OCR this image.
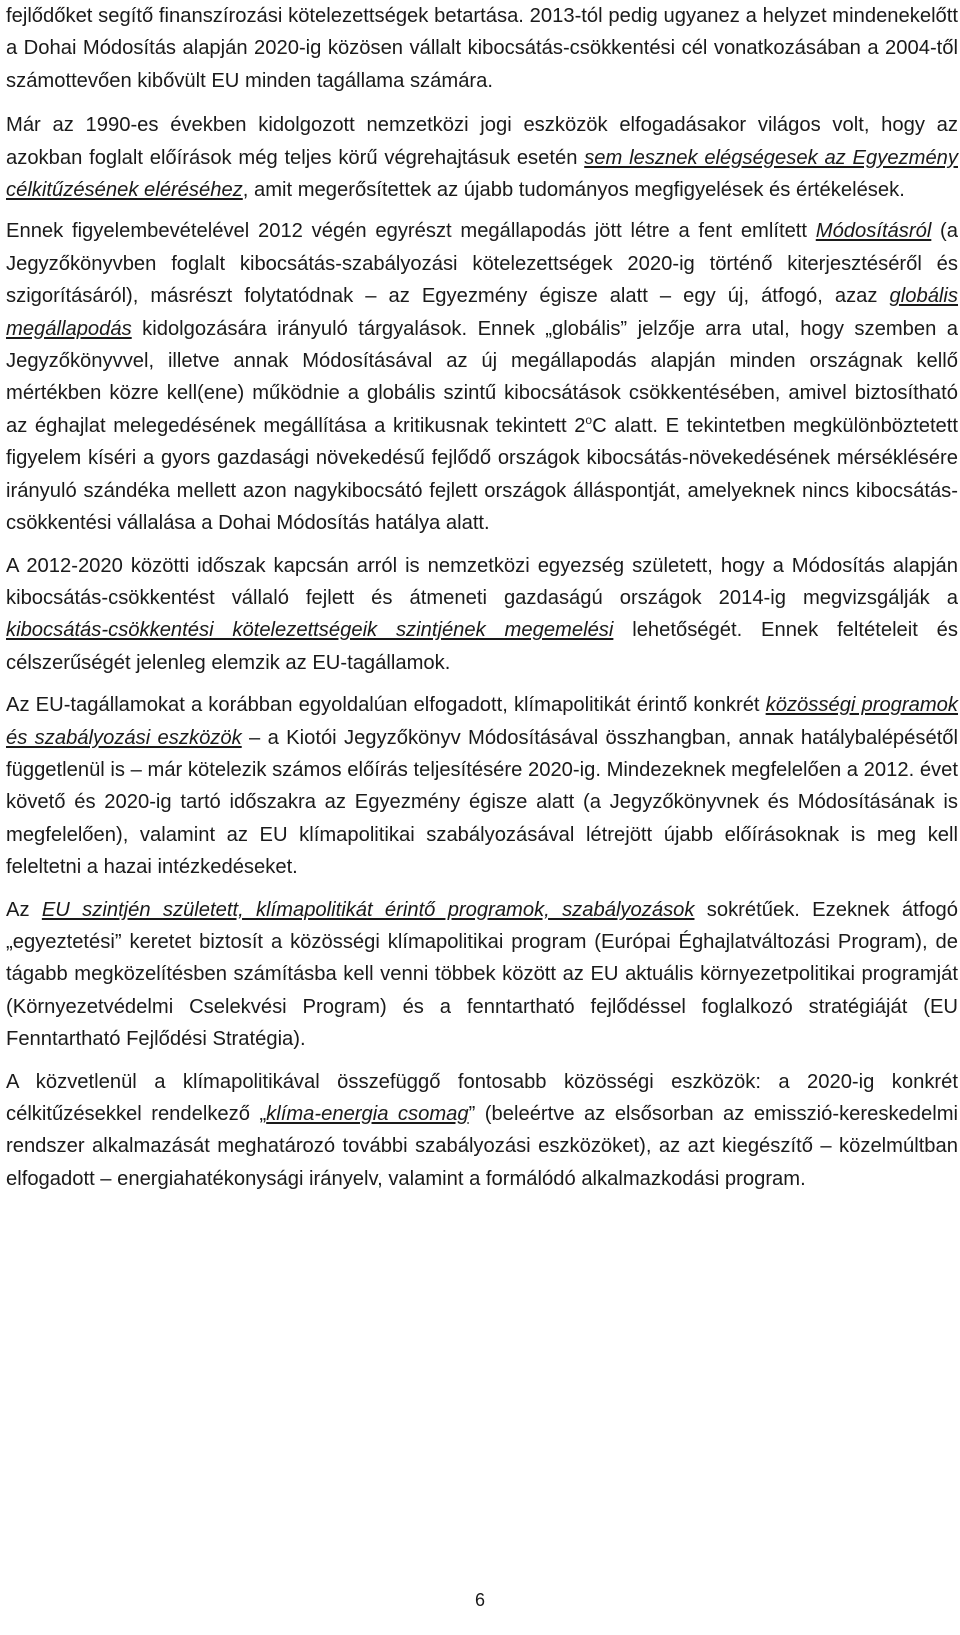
fejlődőket segítő finanszírozási kötelezettségek betartása. 2013-tól pedig ugyanez a helyzet mindenekelőtt a Dohai Módosítás alapján 2020-ig közösen vállalt kibocsátás-csökkentési cél vonatkozásában a 2004-től számottevően kibővült EU minden tagállama számára.

Már az 1990-es években kidolgozott nemzetközi jogi eszközök elfogadásakor világos volt, hogy az azokban foglalt előírások még teljes körű végrehajtásuk esetén sem lesznek elégségesek az Egyezmény célkitűzésének eléréséhez, amit megerősítettek az újabb tudományos megfigyelések és értékelések.

Ennek figyelembevételével 2012 végén egyrészt megállapodás jött létre a fent említett Módosításról (a Jegyzőkönyvben foglalt kibocsátás-szabályozási kötelezettségek 2020-ig történő kiterjesztéséről és szigorításáról), másrészt folytatódnak – az Egyezmény égisze alatt – egy új, átfogó, azaz globális megállapodás kidolgozására irányuló tárgyalások. Ennek „globális” jelzője arra utal, hogy szemben a Jegyzőkönyvvel, illetve annak Módosításával az új megállapodás alapján minden országnak kellő mértékben közre kell(ene) működnie a globális szintű kibocsátások csökkentésében, amivel biztosítható az éghajlat melegedésének megállítása a kritikusnak tekintett 2$^o$C alatt. E tekintetben megkülönböztetett figyelem kíséri a gyors gazdasági növekedésű fejlődő országok kibocsátás-növekedésének mérséklésére irányuló szándéka mellett azon nagykibocsátó fejlett országok álláspontját, amelyeknek nincs kibocsátás-csökkentési vállalása a Dohai Módosítás hatálya alatt.

A 2012-2020 közötti időszak kapcsán arról is nemzetközi egyezség született, hogy a Módosítás alapján kibocsátás-csökkentést vállaló fejlett és átmeneti gazdaságú országok 2014-ig megvizsgálják a kibocsátás-csökkentési kötelezettségeik szintjének megemelési lehetőségét. Ennek feltételeit és célszerűségét jelenleg elemzik az EU-tagállamok.

Az EU-tagállamokat a korábban egyoldalúan elfogadott, klímapolitikát érintő konkrét közösségi programok és szabályozási eszközök – a Kiotói Jegyzőkönyv Módosításával összhangban, annak hatálybalépésétől függetlenül is – már kötelezik számos előírás teljesítésére 2020-ig. Mindezeknek megfelelően a 2012. évet követő és 2020-ig tartó időszakra az Egyezmény égisze alatt (a Jegyzőkönyvnek és Módosításának is megfelelően), valamint az EU klímapolitikai szabályozásával létrejött újabb előírásoknak is meg kell feleltetni a hazai intézkedéseket.

Az EU szintjén született, klímapolitikát érintő programok, szabályozások sokrétűek. Ezeknek átfogó „egyeztetési” keretet biztosít a közösségi klímapolitikai program (Európai Éghajlatváltozási Program), de tágabb megközelítésben számításba kell venni többek között az EU aktuális környezetpolitikai programját (Környezetvédelmi Cselekvési Program) és a fenntartható fejlődéssel foglalkozó stratégiáját (EU Fenntartható Fejlődési Stratégia).

A közvetlenül a klímapolitikával összefüggő fontosabb közösségi eszközök: a 2020-ig konkrét célkitűzésekkel rendelkező „klíma-energia csomag” (beleértve az elsősorban az emisszió-kereskedelmi rendszer alkalmazását meghatározó további szabályozási eszközöket), az azt kiegészítő – közelmúltban elfogadott – energiahatékonysági irányelv, valamint a formálódó alkalmazkodási program.

6
